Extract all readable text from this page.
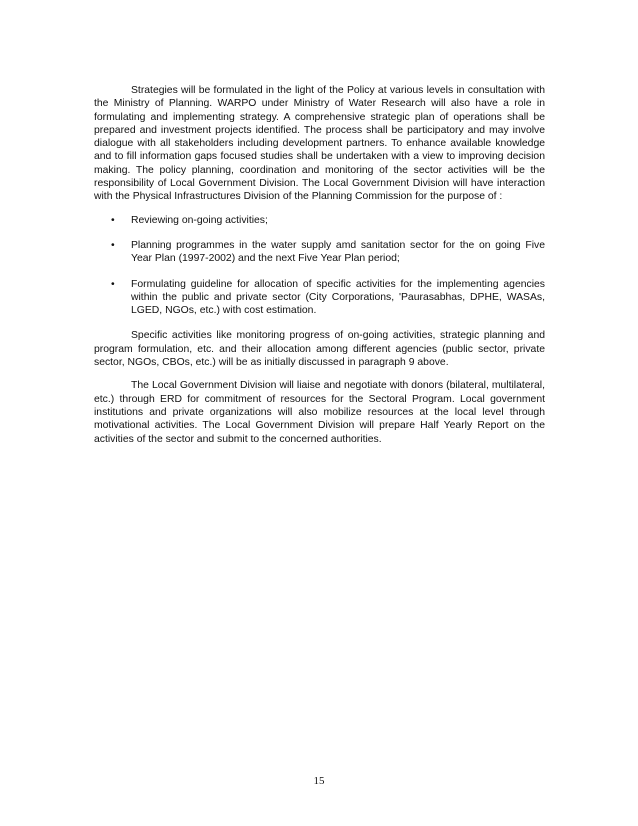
Strategies will be formulated in the light of the Policy at various levels in consultation with the Ministry of Planning. WARPO under Ministry of Water Research will also have a role in formulating and implementing strategy. A comprehensive strategic plan of operations shall be prepared and investment projects identified. The process shall be participatory and may involve dialogue with all stakeholders including development partners. To enhance available knowledge and to fill information gaps focused studies shall be undertaken with a view to improving decision making. The policy planning, coordination and monitoring of the sector activities will be the responsibility of Local Government Division. The Local Government Division will have interaction with the Physical Infrastructures Division of the Planning Commission for the purpose of :

• Reviewing on-going activities;
• Planning programmes in the water supply amd sanitation sector for the on going Five Year Plan (1997-2002) and the next Five Year Plan period;
• Formulating guideline for allocation of specific activities for the implementing agencies within the public and private sector (City Corporations, 'Paurasabhas, DPHE, WASAs, LGED, NGOs, etc.) with cost estimation.

Specific activities like monitoring progress of on-going activities, strategic planning and program formulation, etc. and their allocation among different agencies (public sector, private sector, NGOs, CBOs, etc.) will be as initially discussed in paragraph 9 above.

The Local Government Division will liaise and negotiate with donors (bilateral, multilateral, etc.) through ERD for commitment of resources for the Sectoral Program. Local government institutions and private organizations will also mobilize resources at the local level through motivational activities. The Local Government Division will prepare Half Yearly Report on the activities of the sector and submit to the concerned authorities.

15
